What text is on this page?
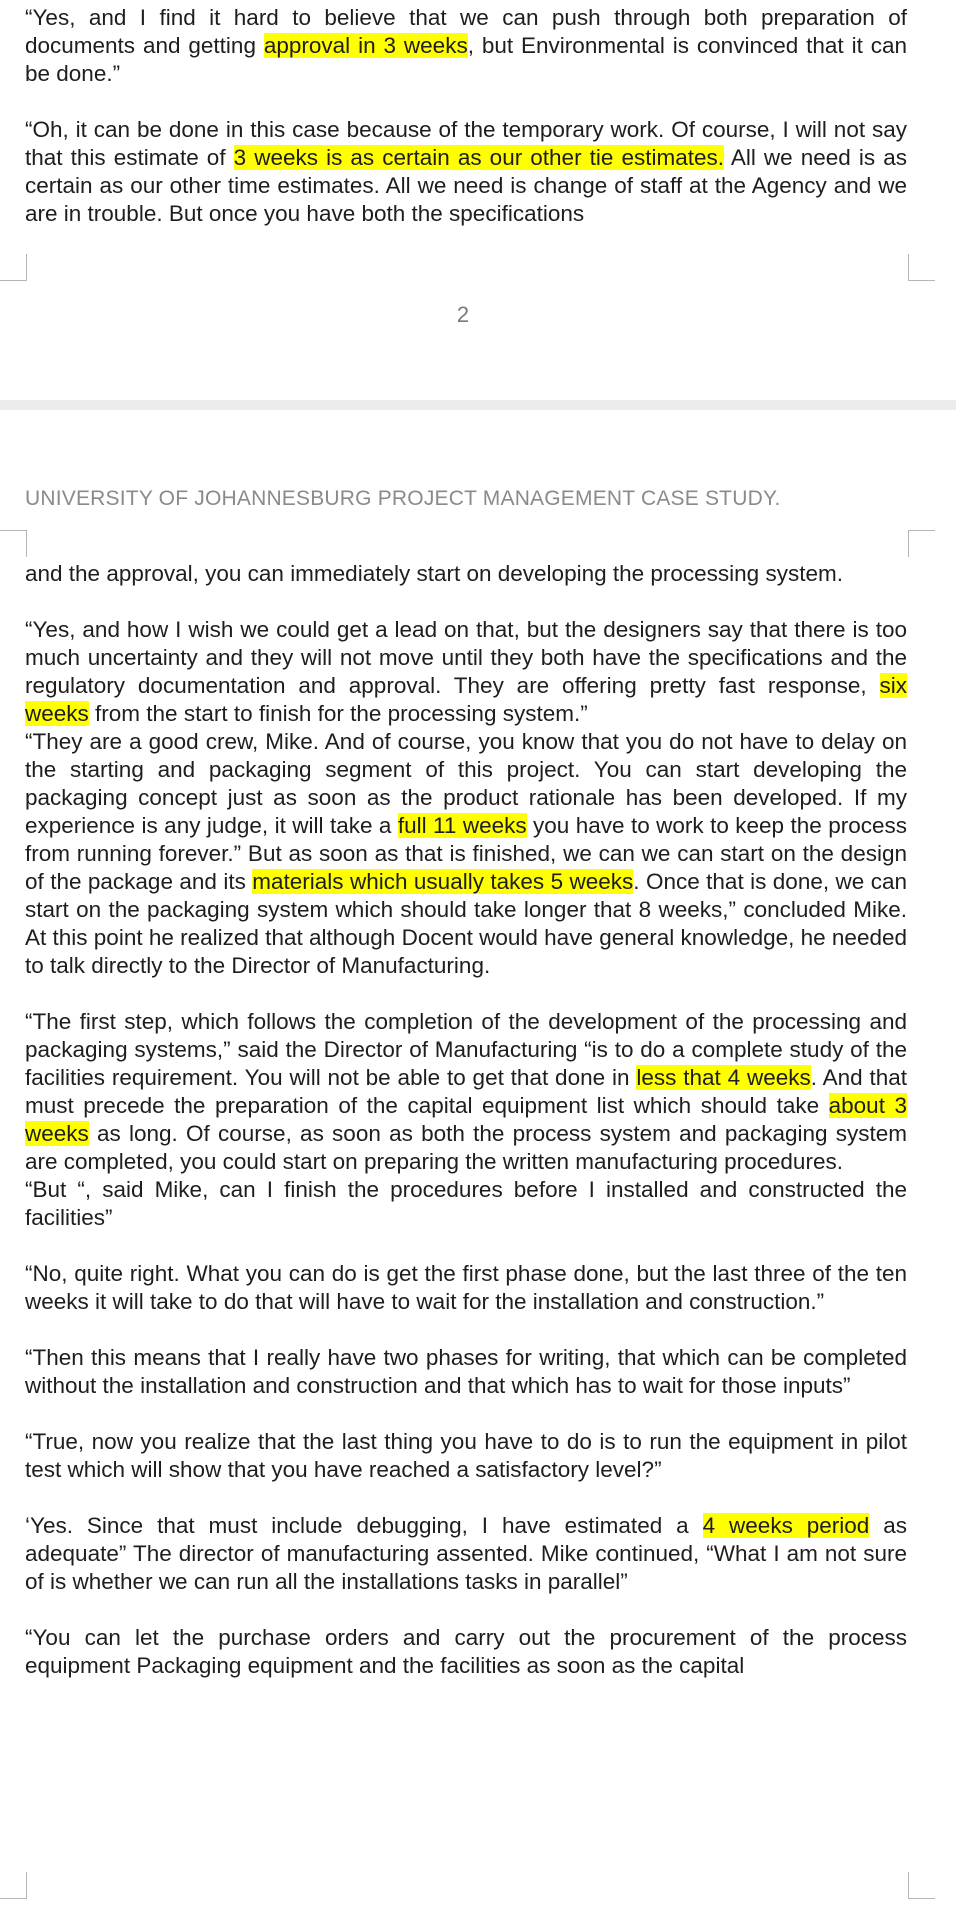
“Yes, and I find it hard to believe that we can push through both preparation of documents and getting approval in 3 weeks, but Environmental is convinced that it can be done.”

“Oh, it can be done in this case because of the temporary work. Of course, I will not say that this estimate of 3 weeks is as certain as our other tie estimates. All we need is as certain as our other time estimates. All we need is change of staff at the Agency and we are in trouble. But once you have both the specifications

2
UNIVERSITY OF JOHANNESBURG PROJECT MANAGEMENT CASE STUDY.

and the approval, you can immediately start on developing the processing system.

“Yes, and how I wish we could get a lead on that, but the designers say that there is too much uncertainty and they will not move until they both have the specifications and the regulatory documentation and approval. They are offering pretty fast response, six weeks from the start to finish for the processing system.”

“They are a good crew, Mike. And of course, you know that you do not have to delay on the starting and packaging segment of this project. You can start developing the packaging concept just as soon as the product rationale has been developed. If my experience is any judge, it will take a full 11 weeks you have to work to keep the process from running forever.” But as soon as that is finished, we can we can start on the design of the package and its materials which usually takes 5 weeks. Once that is done, we can start on the packaging system which should take longer that 8 weeks,” concluded Mike. At this point he realized that although Docent would have general knowledge, he needed to talk directly to the Director of Manufacturing.

“The first step, which follows the completion of the development of the processing and packaging systems,” said the Director of Manufacturing “is to do a complete study of the facilities requirement. You will not be able to get that done in less that 4 weeks. And that must precede the preparation of the capital equipment list which should take about 3 weeks as long. Of course, as soon as both the process system and packaging system are completed, you could start on preparing the written manufacturing procedures.

“But “, said Mike, can I finish the procedures before I installed and constructed the facilities”

“No, quite right. What you can do is get the first phase done, but the last three of the ten weeks it will take to do that will have to wait for the installation and construction.”

“Then this means that I really have two phases for writing, that which can be completed without the installation and construction and that which has to wait for those inputs”

“True, now you realize that the last thing you have to do is to run the equipment in pilot test which will show that you have reached a satisfactory level?”

‘Yes. Since that must include debugging, I have estimated a 4 weeks period as adequate” The director of manufacturing assented. Mike continued, “What I am not sure of is whether we can run all the installations tasks in parallel”

“You can let the purchase orders and carry out the procurement of the process equipment Packaging equipment and the facilities as soon as the capital
